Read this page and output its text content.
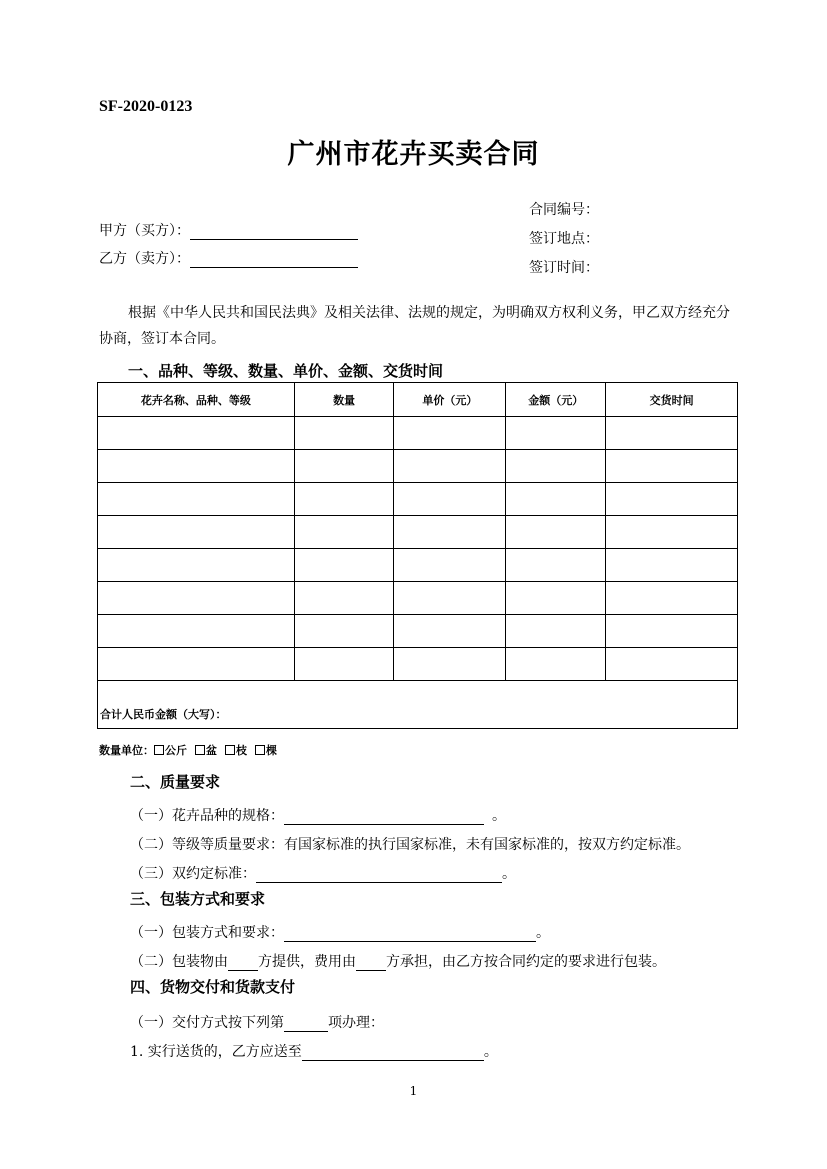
SF-2020-0123
广州市花卉买卖合同
甲方（买方）：
乙方（卖方）：
合同编号：
签订地点：
签订时间：
根据《中华人民共和国民法典》及相关法律、法规的规定，为明确双方权利义务，甲乙双方经充分协商，签订本合同。
一、品种、等级、数量、单价、金额、交货时间
花卉名称、品种、等级	数量	单价（元）	金额（元）	交货时间

合计人民币金额（大写）：				
数量单位： 公斤 盆 枝 棵
二、质量要求
（一）花卉品种的规格：	。
（二）等级等质量要求：有国家标准的执行国家标准，未有国家标准的，按双方约定标准。
（三）双约定标准：	。
三、包装方式和要求
（一）包装方式和要求：	。
（二）包装物由 方提供，费用由 方承担，由乙方按合同约定的要求进行包装。
四、货物交付和货款支付
（一）交付方式按下列第	项办理：
1. 实行送货的，乙方应送至	。
1
